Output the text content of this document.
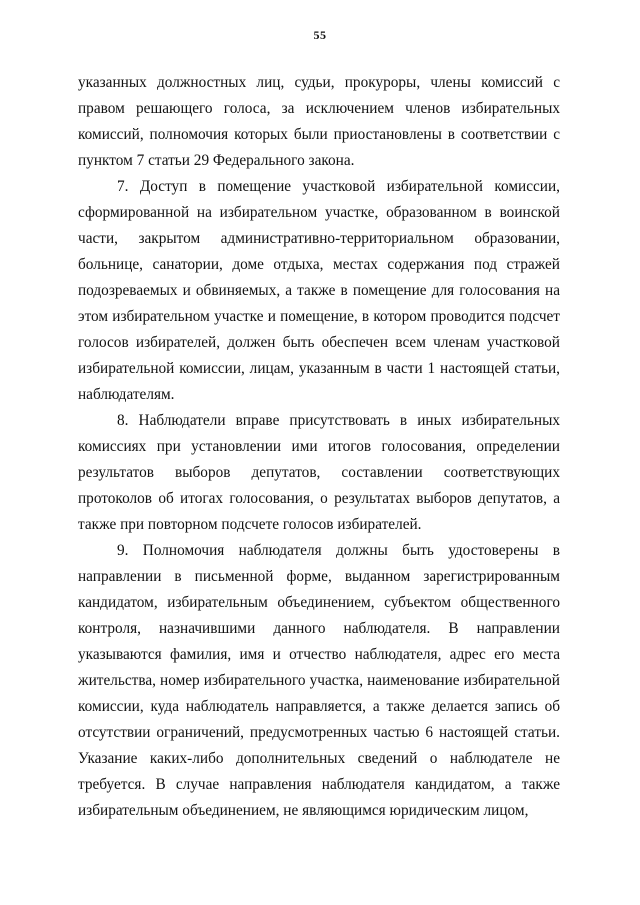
55

указанных должностных лиц, судьи, прокуроры, члены комиссий с правом решающего голоса, за исключением членов избирательных комиссий, полномочия которых были приостановлены в соответствии с пунктом 7 статьи 29 Федерального закона.

7. Доступ в помещение участковой избирательной комиссии, сформированной на избирательном участке, образованном в воинской части, закрытом административно-территориальном образовании, больнице, санатории, доме отдыха, местах содержания под стражей подозреваемых и обвиняемых, а также в помещение для голосования на этом избирательном участке и помещение, в котором проводится подсчет голосов избирателей, должен быть обеспечен всем членам участковой избирательной комиссии, лицам, указанным в части 1 настоящей статьи, наблюдателям.

8. Наблюдатели вправе присутствовать в иных избирательных комиссиях при установлении ими итогов голосования, определении результатов выборов депутатов, составлении соответствующих протоколов об итогах голосования, о результатах выборов депутатов, а также при повторном подсчете голосов избирателей.

9. Полномочия наблюдателя должны быть удостоверены в направлении в письменной форме, выданном зарегистрированным кандидатом, избирательным объединением, субъектом общественного контроля, назначившими данного наблюдателя. В направлении указываются фамилия, имя и отчество наблюдателя, адрес его места жительства, номер избирательного участка, наименование избирательной комиссии, куда наблюдатель направляется, а также делается запись об отсутствии ограничений, предусмотренных частью 6 настоящей статьи. Указание каких-либо дополнительных сведений о наблюдателе не требуется. В случае направления наблюдателя кандидатом, а также избирательным объединением, не являющимся юридическим лицом,
